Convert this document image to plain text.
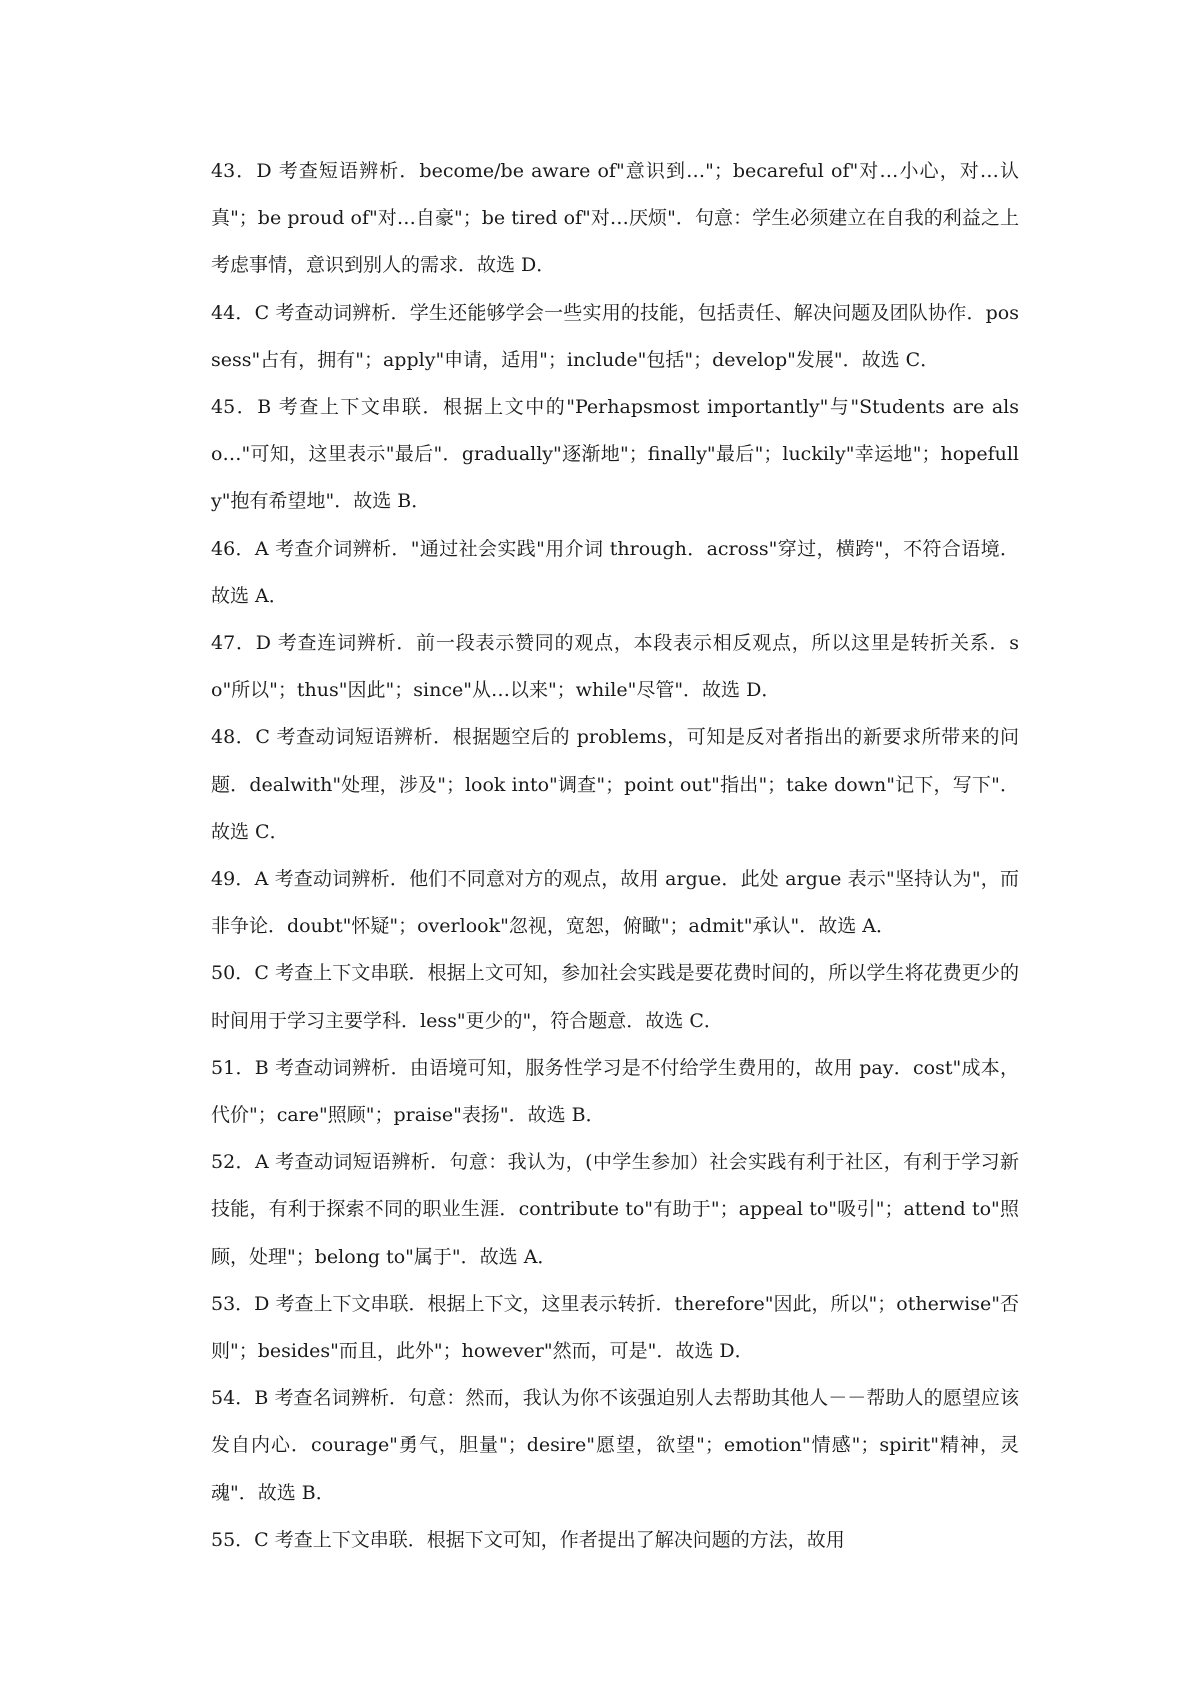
43．D 考查短语辨析．become/be aware of"意识到…"；becareful of"对…小心，对…认真"；be proud of"对…自豪"；be tired of"对…厌烦"．句意：学生必须建立在自我的利益之上考虑事情，意识到别人的需求．故选 D．

44．C 考查动词辨析．学生还能够学会一些实用的技能，包括责任、解决问题及团队协作．possess"占有，拥有"；apply"申请，适用"；include"包括"；develop"发展"．故选 C．

45．B 考查上下文串联．根据上文中的"Perhapsmost importantly"与"Students are also…"可知，这里表示"最后"．gradually"逐渐地"；finally"最后"；luckily"幸运地"；hopefully"抱有希望地"．故选 B．

46．A 考查介词辨析．"通过社会实践"用介词 through．across"穿过，横跨"，不符合语境．故选 A．

47．D 考查连词辨析．前一段表示赞同的观点，本段表示相反观点，所以这里是转折关系．so"所以"；thus"因此"；since"从…以来"；while"尽管"．故选 D．

48．C 考查动词短语辨析．根据题空后的 problems，可知是反对者指出的新要求所带来的问题．dealwith"处理，涉及"；look into"调查"；point out"指出"；take down"记下，写下"．故选 C．

49．A 考查动词辨析．他们不同意对方的观点，故用 argue．此处 argue 表示"坚持认为"，而非争论．doubt"怀疑"；overlook"忽视，宽恕，俯瞰"；admit"承认"．故选 A．

50．C 考查上下文串联．根据上文可知，参加社会实践是要花费时间的，所以学生将花费更少的时间用于学习主要学科．less"更少的"，符合题意．故选 C．

51．B 考查动词辨析．由语境可知，服务性学习是不付给学生费用的，故用 pay．cost"成本，代价"；care"照顾"；praise"表扬"．故选 B．

52．A 考查动词短语辨析．句意：我认为，(中学生参加）社会实践有利于社区，有利于学习新技能，有利于探索不同的职业生涯．contribute to"有助于"；appeal to"吸引"；attend to"照顾，处理"；belong to"属于"．故选 A．

53．D 考查上下文串联．根据上下文，这里表示转折．therefore"因此，所以"；otherwise"否则"；besides"而且，此外"；however"然而，可是"．故选 D．

54．B 考查名词辨析．句意：然而，我认为你不该强迫别人去帮助其他人－－帮助人的愿望应该发自内心．courage"勇气，胆量"；desire"愿望，欲望"；emotion"情感"；spirit"精神，灵魂"．故选 B．

55．C 考查上下文串联．根据下文可知，作者提出了解决问题的方法，故用
